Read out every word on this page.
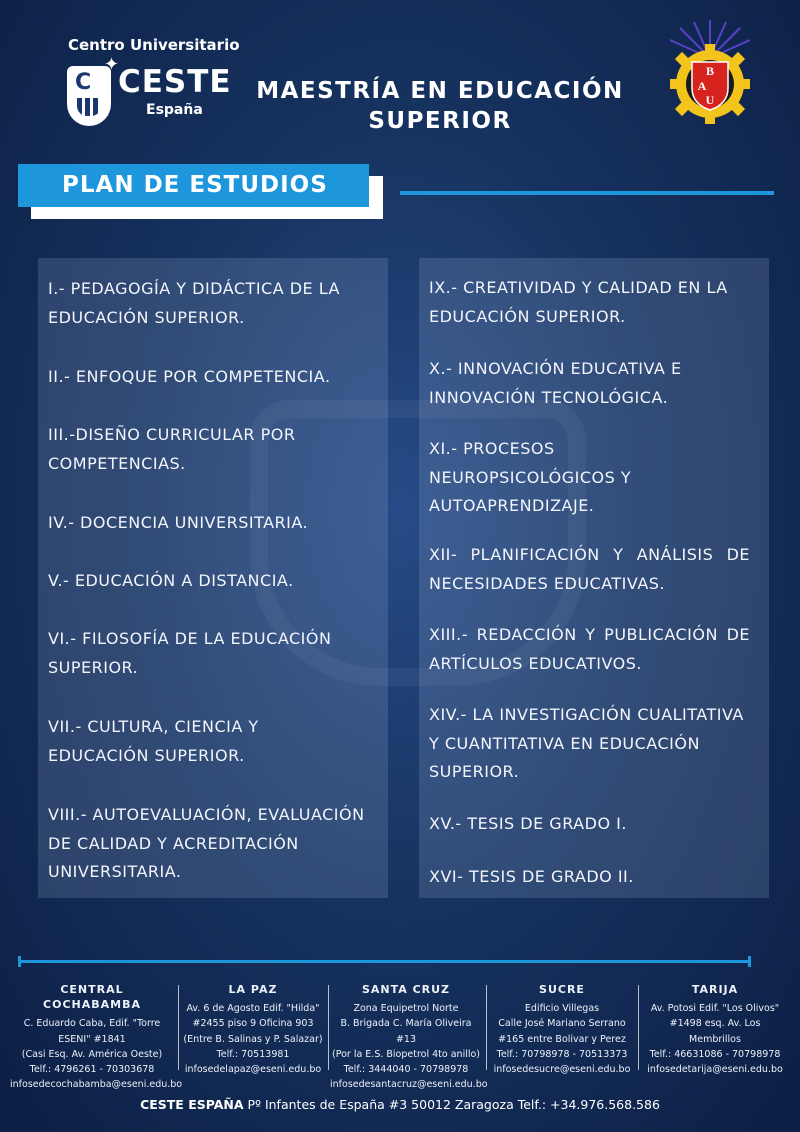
Centro Universitario
C
✦
CESTE
España
MAESTRÍA EN EDUCACIÓN
SUPERIOR
B
A
U
PLAN DE ESTUDIOS
I.- PEDAGOGÍA Y DIDÁCTICA DE LA EDUCACIÓN SUPERIOR.
II.- ENFOQUE POR COMPETENCIA.
III.-DISEÑO CURRICULAR POR COMPETENCIAS.
IV.- DOCENCIA UNIVERSITARIA.
V.- EDUCACIÓN A DISTANCIA.
VI.- FILOSOFÍA DE LA EDUCACIÓN SUPERIOR.
VII.- CULTURA, CIENCIA Y EDUCACIÓN SUPERIOR.
VIII.- AUTOEVALUACIÓN, EVALUACIÓN DE CALIDAD Y ACREDITACIÓN UNIVERSITARIA.
IX.- CREATIVIDAD Y CALIDAD EN LA EDUCACIÓN SUPERIOR.
X.- INNOVACIÓN EDUCATIVA E INNOVACIÓN TECNOLÓGICA.
XI.- PROCESOS NEUROPSICOLÓGICOS Y AUTOAPRENDIZAJE.
XII- PLANIFICACIÓN Y ANÁLISIS DE NECESIDADES EDUCATIVAS.
XIII.- REDACCIÓN Y PUBLICACIÓN DE ARTÍCULOS EDUCATIVOS.
XIV.- LA INVESTIGACIÓN CUALITATIVA Y CUANTITATIVA EN EDUCACIÓN SUPERIOR.
XV.- TESIS DE GRADO I.
XVI- TESIS DE GRADO II.
CENTRAL COCHABAMBA
C. Eduardo Caba, Edif. "Torre
ESENI" #1841
(Casi Esq. Av. América Oeste)
Telf.: 4796261 - 70303678
infosedecochabamba@eseni.edu.bo
LA PAZ
Av. 6 de Agosto Edif. "Hilda"
#2455 piso 9 Oficina 903
(Entre B. Salinas y P. Salazar)
Telf.: 70513981
infosedelapaz@eseni.edu.bo
SANTA CRUZ
Zona Equipetrol Norte
B. Brigada C. María Oliveira #13
(Por la E.S. Biopetrol 4to anillo)
Telf.: 3444040 - 70798978
infosedesantacruz@eseni.edu.bo
SUCRE
Edificio Villegas
Calle José Mariano Serrano
#165 entre Bolivar y Perez
Telf.: 70798978 - 70513373
infosedesucre@eseni.edu.bo
TARIJA
Av. Potosi Edif. "Los Olivos"
#1498 esq. Av. Los
Membrillos
Telf.: 46631086 - 70798978
infosedetarija@eseni.edu.bo
CESTE ESPAÑA Pº Infantes de España #3 50012 Zaragoza Telf.: +34.976.568.586
